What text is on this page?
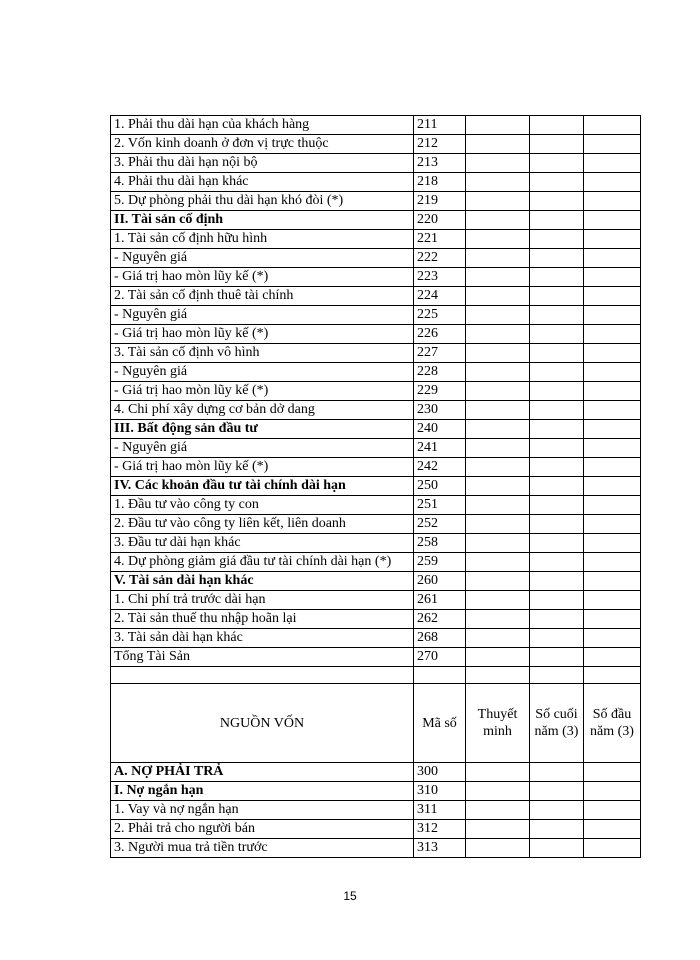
1. Phải thu dài hạn của khách hàng	211			
2. Vốn kinh doanh ở đơn vị trực thuộc	212			
3. Phải thu dài hạn nội bộ	213			
4. Phải thu dài hạn khác	218			
5. Dự phòng phải thu dài hạn khó đòi (*)	219			
II. Tài sản cố định	220			
1. Tài sản cố định hữu hình	221			
- Nguyên giá	222			
- Giá trị hao mòn lũy kế (*)	223			
2. Tài sản cố định thuê tài chính	224			
- Nguyên giá	225			
- Giá trị hao mòn lũy kế (*)	226			
3. Tài sản cố định vô hình	227			
- Nguyên giá	228			
- Giá trị hao mòn lũy kế (*)	229			
4. Chi phí xây dựng cơ bản dở dang	230			
III. Bất động sản đầu tư	240			
- Nguyên giá	241			
- Giá trị hao mòn lũy kế (*)	242			
IV. Các khoản đầu tư tài chính dài hạn	250			
1. Đầu tư vào công ty con	251			
2. Đầu tư vào công ty liên kết, liên doanh	252			
3. Đầu tư dài hạn khác	258			
4. Dự phòng giảm giá đầu tư tài chính dài hạn (*)	259			
V. Tài sản dài hạn khác	260			
1. Chi phí trả trước dài hạn	261			
2. Tài sản thuế thu nhập hoãn lại	262			
3. Tài sản dài hạn khác	268			
Tổng Tài Sản	270			

NGUỒN VỐN	Mã số	Thuyết minh	Số cuối năm (3)	Số đầu năm (3)
A. NỢ PHẢI TRẢ	300			
I. Nợ ngắn hạn	310			
1. Vay và nợ ngắn hạn	311			
2. Phải trả cho người bán	312			
3. Người mua trả tiền trước	313			
15
